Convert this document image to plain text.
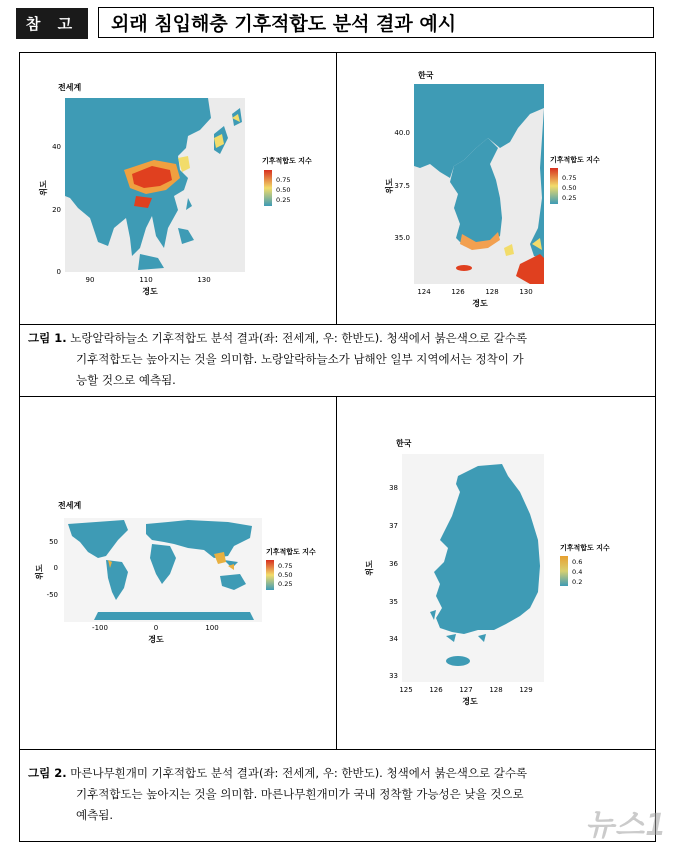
참 고	외래 침입해충 기후적합도 분석 결과 예시
전세계
위도
40
20
0
90	110	130
경도
기후적합도 지수
0.75
0.50
0.25
한국
위도
40.0
37.5
35.0
124	126	128	130
경도
기후적합도 지수
0.75
0.50
0.25
그림 1. 노랑알락하늘소 기후적합도 분석 결과(좌: 전세계, 우: 한반도). 청색에서 붉은색으로 갈수록
기후적합도는 높아지는 것을 의미함. 노랑알락하늘소가 남해안 일부 지역에서는 정착이 가
능할 것으로 예측됨.
전세계
위도
50
0
-50
-100	0	100
경도
기후적합도 지수
0.75
0.50
0.25
한국
위도
38
37
36
35
34
33
125 126 127 128 129
경도
기후적합도 지수
0.6
0.4
0.2
그림 2. 마른나무흰개미 기후적합도 분석 결과(좌: 전세계, 우: 한반도). 청색에서 붉은색으로 갈수록
기후적합도는 높아지는 것을 의미함. 마른나무흰개미가 국내 정착할 가능성은 낮을 것으로
예측됨.	뉴스1
